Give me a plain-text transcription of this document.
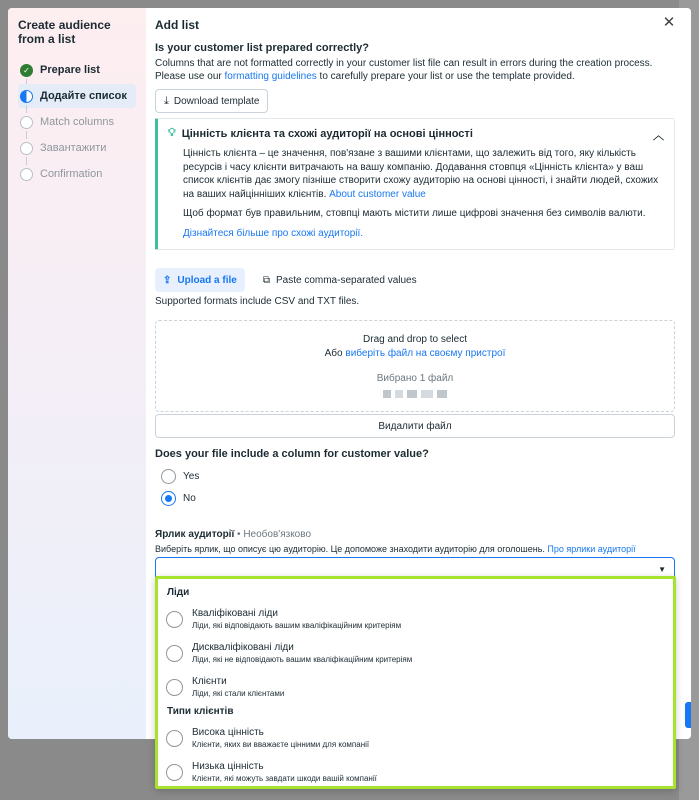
Create audience from a list
✓ Prepare list
Додайте список
Match columns
Завантажити
Confirmation
Add list	✕
Is your customer list prepared correctly?
Columns that are not formatted correctly in your customer list file can result in errors during the creation process.
Please use our formatting guidelines to carefully prepare your list or use the template provided.
⤓ Download template
💡︎ Цінність клієнта та схожі аудиторії на основі цінності	︿

Цінність клієнта – це значення, пов'язане з вашими клієнтами, що залежить від того, яку кількість ресурсів і часу клієнти витрачають на вашу компанію. Додавання стовпця «Цінність клієнта» у ваш список клієнтів дає змогу пізніше створити схожу аудиторію на основі цінності, і знайти людей, схожих на ваших найцінніших клієнтів. About customer value

Щоб формат був правильним, стовпці мають містити лише цифрові значення без символів валюти.

Дізнайтеся більше про схожі аудиторії.

⇪ Upload a file	⧉ Paste comma-separated values
Supported formats include CSV and TXT files.
Drag and drop to select
Або виберіть файл на своєму пристрої
Вибрано 1 файл
Видалити файл
Does your file include a column for customer value?
Yes
No
Ярлик аудиторії • Необов'язково
Виберіть ярлик, що описує цю аудиторію. Це допоможе знаходити аудиторію для оголошень. Про ярлики аудиторії
▼
Ліди
Кваліфіковані ліди
Ліди, які відповідають вашим кваліфікаційним критеріям
Дискваліфіковані ліди
Ліди, які не відповідають вашим кваліфікаційним критеріям
Клієнти
Ліди, які стали клієнтами
Типи клієнтів
Висока цінність
Клієнти, яких ви вважаєте цінними для компанії
Низька цінність
Клієнти, які можуть завдати шкоди вашій компанії
